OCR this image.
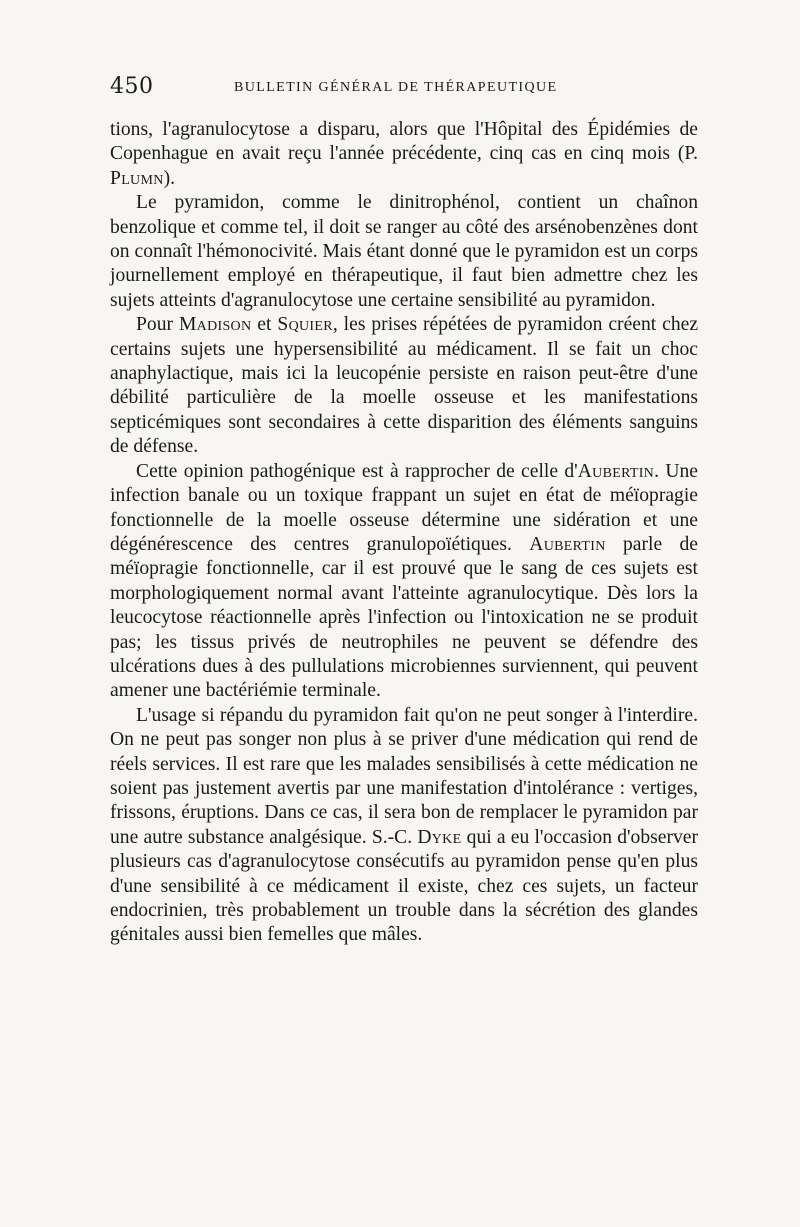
450	BULLETIN GÉNÉRAL DE THÉRAPEUTIQUE

tions, l'agranulocytose a disparu, alors que l'Hôpital des Épidémies de Copenhague en avait reçu l'année précédente, cinq cas en cinq mois (P. Plumn).

Le pyramidon, comme le dinitrophénol, contient un chaînon benzolique et comme tel, il doit se ranger au côté des arsénobenzènes dont on connaît l'hémonocivité. Mais étant donné que le pyramidon est un corps journellement employé en thérapeutique, il faut bien admettre chez les sujets atteints d'agranulocytose une certaine sensibilité au pyramidon.

Pour Madison et Squier, les prises répétées de pyramidon créent chez certains sujets une hypersensibilité au médicament. Il se fait un choc anaphylactique, mais ici la leucopénie persiste en raison peut-être d'une débilité particulière de la moelle osseuse et les manifestations septicémiques sont secondaires à cette disparition des éléments sanguins de défense.

Cette opinion pathogénique est à rapprocher de celle d'Aubertin. Une infection banale ou un toxique frappant un sujet en état de méïopragie fonctionnelle de la moelle osseuse détermine une sidération et une dégénérescence des centres granulopoïétiques. Aubertin parle de méïopragie fonctionnelle, car il est prouvé que le sang de ces sujets est morphologiquement normal avant l'atteinte agranulocytique. Dès lors la leucocytose réactionnelle après l'infection ou l'intoxication ne se produit pas; les tissus privés de neutrophiles ne peuvent se défendre des ulcérations dues à des pullulations microbiennes surviennent, qui peuvent amener une bactériémie terminale.

L'usage si répandu du pyramidon fait qu'on ne peut songer à l'interdire. On ne peut pas songer non plus à se priver d'une médication qui rend de réels services. Il est rare que les malades sensibilisés à cette médication ne soient pas justement avertis par une manifestation d'intolérance : vertiges, frissons, éruptions. Dans ce cas, il sera bon de remplacer le pyramidon par une autre substance analgésique. S.-C. Dyke qui a eu l'occasion d'observer plusieurs cas d'agranulocytose consécutifs au pyramidon pense qu'en plus d'une sensibilité à ce médicament il existe, chez ces sujets, un facteur endocrinien, très probablement un trouble dans la sécrétion des glandes génitales aussi bien femelles que mâles.
